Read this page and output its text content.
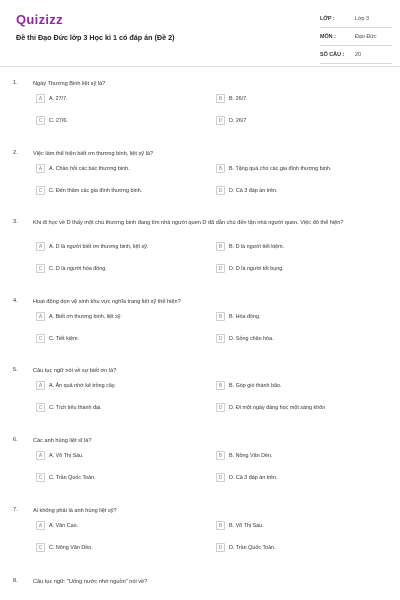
Quizizz
Đề thi Đạo Đức lớp 3 Học kì 1 có đáp án (Đề 2)
LỚP :	Lớp 3
MÔN :	Đạo Đức
SỐ CÂU :	20
1.	Ngày Thương Binh liệt sỹ là?
A	A. 27/7.	B	B. 26/7.
C	C. 27/6.	D	D. 26/7
2.	Việc làm thể hiện biết ơn thương binh, liệt sỹ là?
A	A. Chào hỏi các bác thương binh.	B	B. Tặng quà cho các gia đình thương binh.
C	C. Đến thăm các gia đình thương binh.	D	D. Cả 3 đáp án trên.
3.	Khi đi học về D thấy một chú thương binh đang tìm nhà người quen D đã dẫn chú đến tận nhà người quen. Việc đó thể hiện?
A	A. D là người biết ơn thương binh, liệt sỹ.	B	B. D là người tiết kiệm.
C	C. D là người hòa đồng.	D	D. D là người tốt bụng.
4.	Hoạt động dọn vệ sinh khu vực nghĩa trang liệt sỹ thể hiện?
A	A. Biết ơn thương binh, liệt sỹ.	B	B. Hòa đồng.
C	C. Tiết kiệm.	D	D. Sống chân hòa.
5.	Câu tục ngữ nói về sự biết ơn là?
A	A. Ăn quả nhớ kẻ trồng cây.	B	B. Góp gió thành bão.
C	C. Tích tiểu thành đại.	D	D. Đi một ngày đàng học một sàng khôn
6.	Các anh hùng liệt sĩ là?
A	A. Võ Thị Sáu.	B	B. Nông Văn Dền.
C	C. Trần Quốc Toản.	D	D. Cả 3 đáp án trên.
7.	Ai không phải là anh hùng liệt sỹ?
A	A. Văn Cao.	B	B. Võ Thị Sáu.
C	C. Nông Văn Dền.	D	D. Trần Quốc Toản.
8.	Câu tục ngữ: "Uống nước nhớ nguồn" nói về?
